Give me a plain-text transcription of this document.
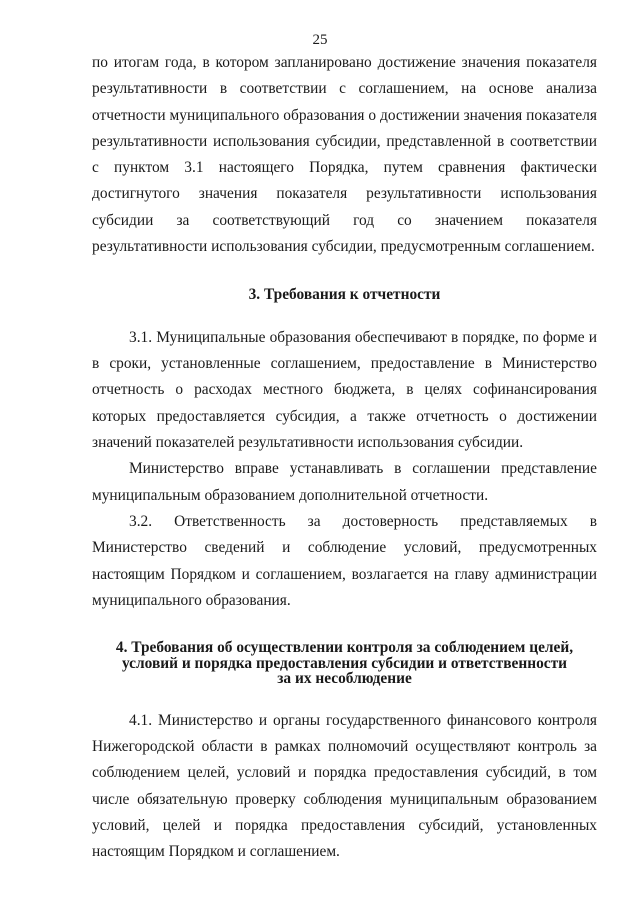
25

по итогам года, в котором запланировано достижение значения показателя результативности в соответствии с соглашением, на основе анализа отчетности муниципального образования о достижении значения показателя результативности использования субсидии, представленной в соответствии с пунктом 3.1 настоящего Порядка, путем сравнения фактически достигнутого значения показателя результативности использования субсидии за соответствующий год со значением показателя результативности использования субсидии, предусмотренным соглашением.

3. Требования к отчетности

3.1. Муниципальные образования обеспечивают в порядке, по форме и в сроки, установленные соглашением, предоставление в Министерство отчетность о расходах местного бюджета, в целях софинансирования которых предоставляется субсидия, а также отчетность о достижении значений показателей результативности использования субсидии.

Министерство вправе устанавливать в соглашении представление муниципальным образованием дополнительной отчетности.

3.2. Ответственность за достоверность представляемых в Министерство сведений и соблюдение условий, предусмотренных настоящим Порядком и соглашением, возлагается на главу администрации муниципального образования.

4. Требования об осуществлении контроля за соблюдением целей,
условий и порядка предоставления субсидии и ответственности
за их несоблюдение

4.1. Министерство и органы государственного финансового контроля Нижегородской области в рамках полномочий осуществляют контроль за соблюдением целей, условий и порядка предоставления субсидий, в том числе обязательную проверку соблюдения муниципальным образованием условий, целей и порядка предоставления субсидий, установленных настоящим Порядком и соглашением.
